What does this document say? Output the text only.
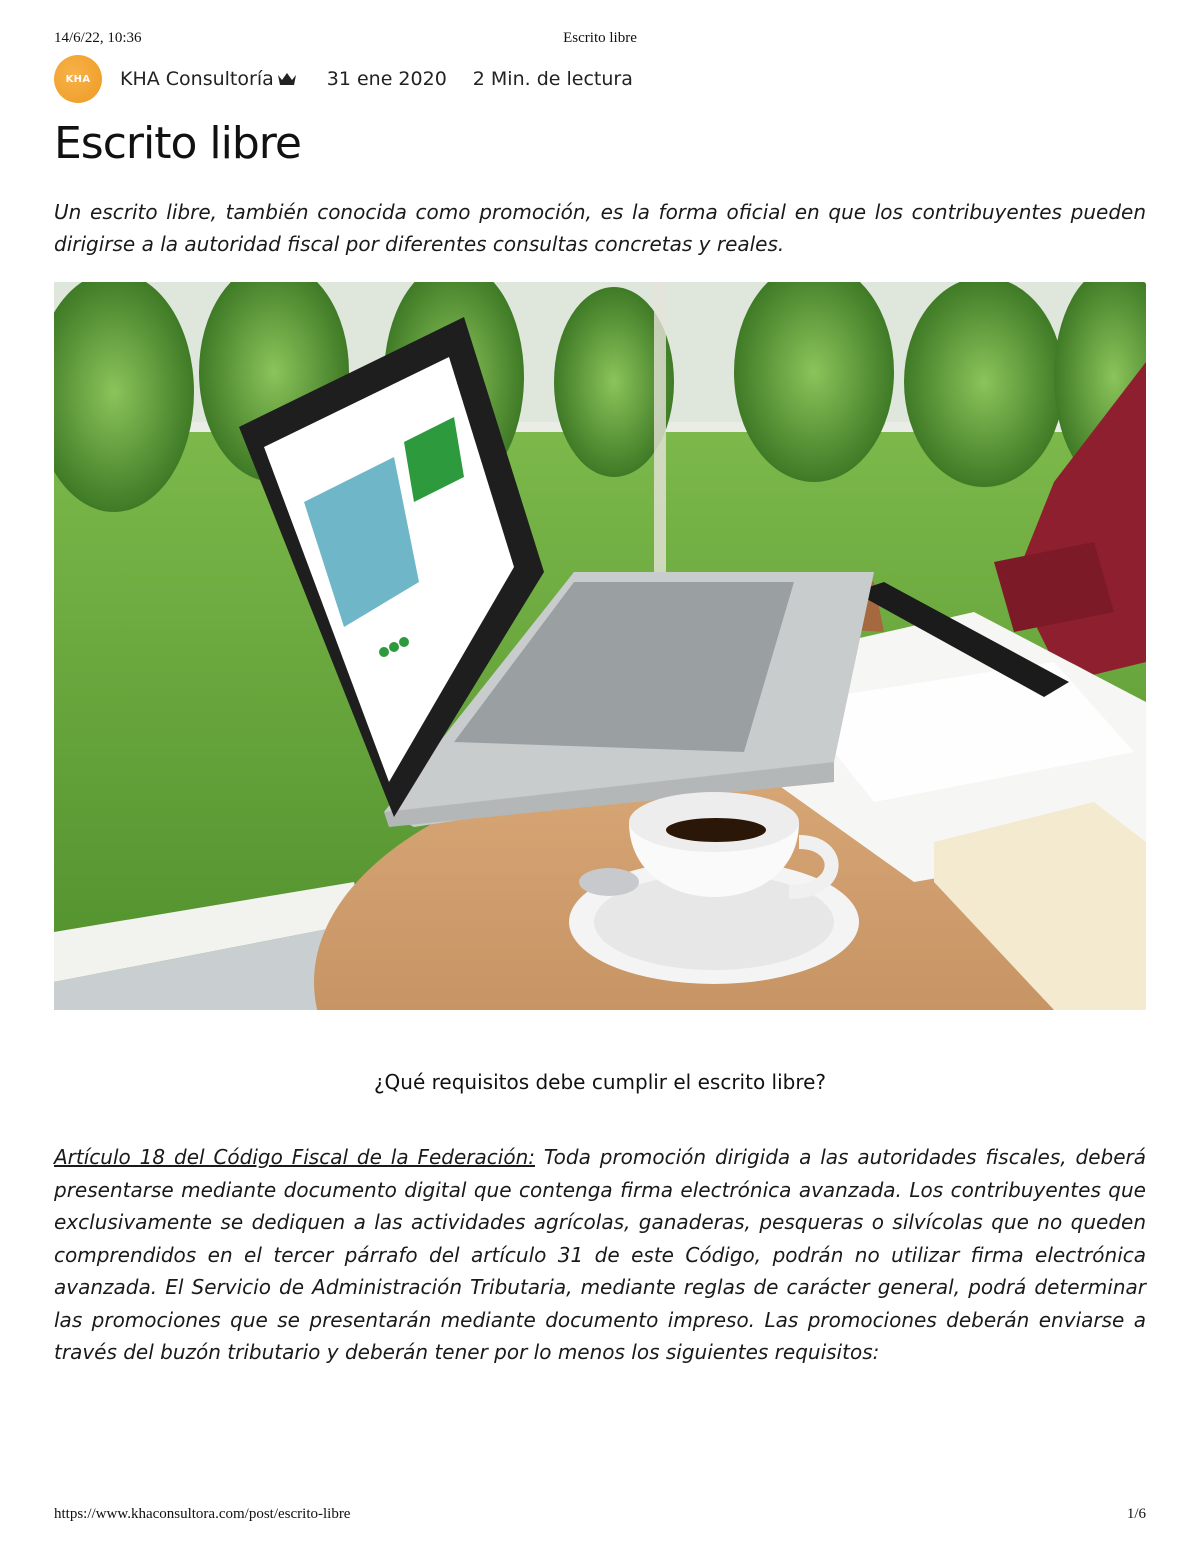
14/6/22, 10:36	Escrito libre
KHA KHA Consultoría	31 ene 2020 2 Min. de lectura
Escrito libre

Un escrito libre, también conocida como promoción, es la forma oficial en que los contribuyentes pueden dirigirse a la autoridad fiscal por diferentes consultas concretas y reales.

¿Qué requisitos debe cumplir el escrito libre?

Artículo 18 del Código Fiscal de la Federación: Toda promoción dirigida a las autoridades fiscales, deberá presentarse mediante documento digital que contenga firma electrónica avanzada. Los contribuyentes que exclusivamente se dediquen a las actividades agrícolas, ganaderas, pesqueras o silvícolas que no queden comprendidos en el tercer párrafo del artículo 31 de este Código, podrán no utilizar firma electrónica avanzada. El Servicio de Administración Tributaria, mediante reglas de carácter general, podrá determinar las promociones que se presentarán mediante documento impreso. Las promociones deberán enviarse a través del buzón tributario y deberán tener por lo menos los siguientes requisitos:

https://www.khaconsultora.com/post/escrito-libre	1/6
